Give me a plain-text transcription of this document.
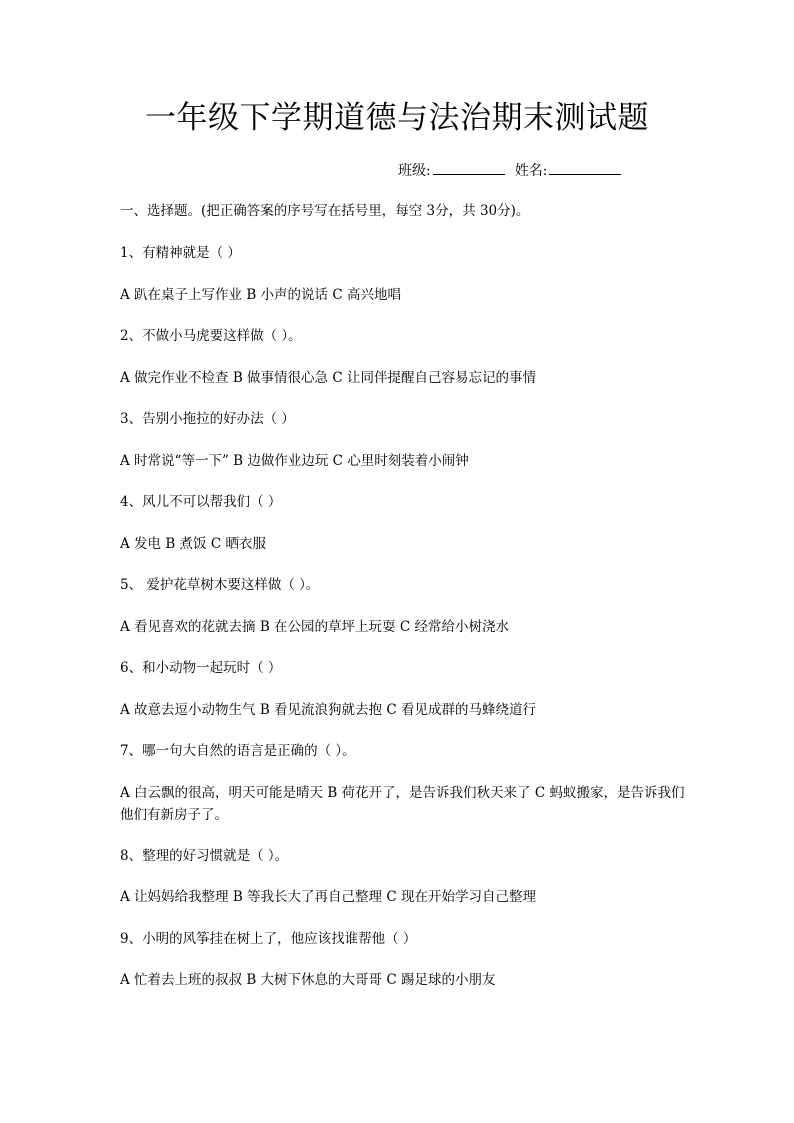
一年级下学期道德与法治期末测试题
班级:	姓名:
一、选择题。(把正确答案的序号写在括号里，每空 3分，共 30分)。
1、有精神就是（ ）
A 趴在桌子上写作业 B 小声的说话 C 高兴地唱
2、不做小马虎要这样做（ ）。
A 做完作业不检查 B 做事情很心急 C 让同伴提醒自己容易忘记的事情
3、告别小拖拉的好办法（ ）
A 时常说“等一下” B 边做作业边玩 C 心里时刻装着小闹钟
4、风儿不可以帮我们（ ）
A 发电 B 煮饭 C 晒衣服
5、 爱护花草树木要这样做（ ）。
A 看见喜欢的花就去摘 B 在公园的草坪上玩耍 C 经常给小树浇水
6、和小动物一起玩时（ ）
A 故意去逗小动物生气 B 看见流浪狗就去抱 C 看见成群的马蜂绕道行
7、哪一句大自然的语言是正确的（ ）。
A 白云飘的很高，明天可能是晴天 B 荷花开了，是告诉我们秋天来了 C 蚂蚁搬家，是告诉我们他们有新房子了。
8、整理的好习惯就是（ ）。
A 让妈妈给我整理 B 等我长大了再自己整理 C 现在开始学习自己整理
9、小明的风筝挂在树上了，他应该找谁帮他（ ）
A 忙着去上班的叔叔 B 大树下休息的大哥哥 C 踢足球的小朋友
